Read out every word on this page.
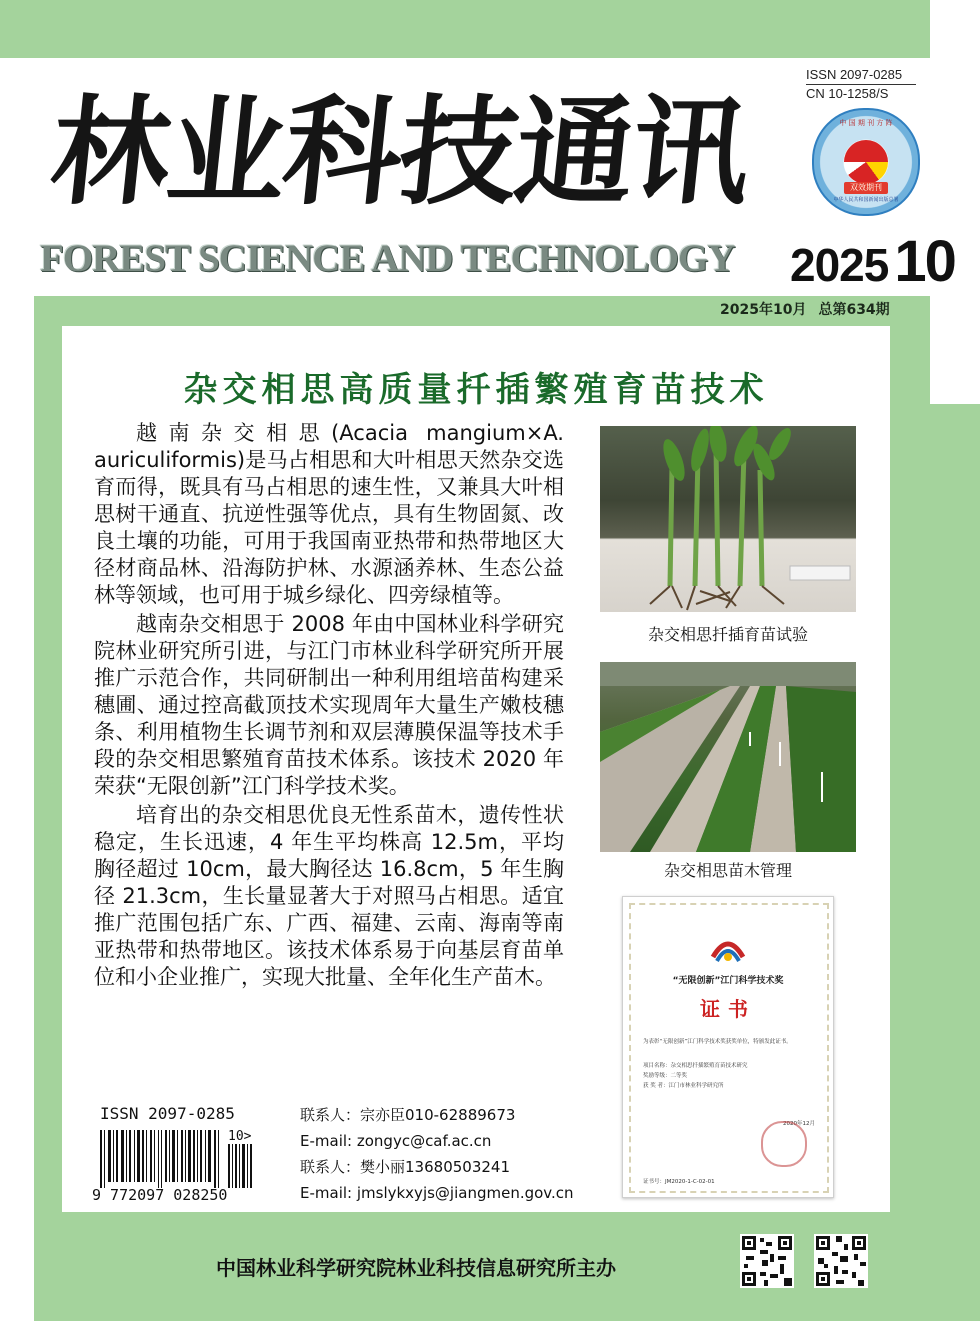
ISSN 2097-0285
CN 10-1258/S
林业科技通讯	中 国 期 刊 方 阵
双效期刊
中华人民共和国新闻出版总署
FOREST SCIENCE AND TECHNOLOGY 2025 10
2025年10月 总第634期
杂交相思高质量扦插繁殖育苗技术

越南杂交相思(Acacia mangium×A. auriculiformis)是马占相思和大叶相思天然杂交选育而得，既具有马占相思的速生性，又兼具大叶相思树干通直、抗逆性强等优点，具有生物固氮、改良土壤的功能，可用于我国南亚热带和热带地区大径材商品林、沿海防护林、水源涵养林、生态公益林等领域，也可用于城乡绿化、四旁绿植等。

越南杂交相思于 2008 年由中国林业科学研究院林业研究所引进，与江门市林业科学研究所开展推广示范合作，共同研制出一种利用组培苗构建采穗圃、通过控高截顶技术实现周年大量生产嫩枝穗条、利用植物生长调节剂和双层薄膜保温等技术手段的杂交相思繁殖育苗技术体系。该技术 2020 年荣获“无限创新”江门科学技术奖。

培育出的杂交相思优良无性系苗木，遗传性状稳定，生长迅速，4 年生平均株高 12.5m，平均胸径超过 10cm，最大胸径达 16.8cm，5 年生胸径 21.3cm，生长量显著大于对照马占相思。适宜推广范围包括广东、广西、福建、云南、海南等南亚热带和热带地区。该技术体系易于向基层育苗单位和小企业推广，实现大批量、全年化生产苗木。

杂交相思扦插育苗试验
杂交相思苗木管理
“无限创新”江门科学技术奖
证书
为表彰“无限创新”江门科学技术奖获奖单位，特颁发此证书。
项目名称：杂交相思扦插繁殖育苗技术研究
奖励等级：二等奖
获 奖 者：江门市林业科学研究所
2020年12月
证书号：JM2020-1-C-02-01
ISSN 2097-0285
10>
9 772097 028250
联系人：宗亦臣010-62889673
E-mail: zongyc@caf.ac.cn
联系人：樊小丽13680503241
E-mail: jmslykxyjs@jiangmen.gov.cn
中国林业科学研究院林业科技信息研究所主办
